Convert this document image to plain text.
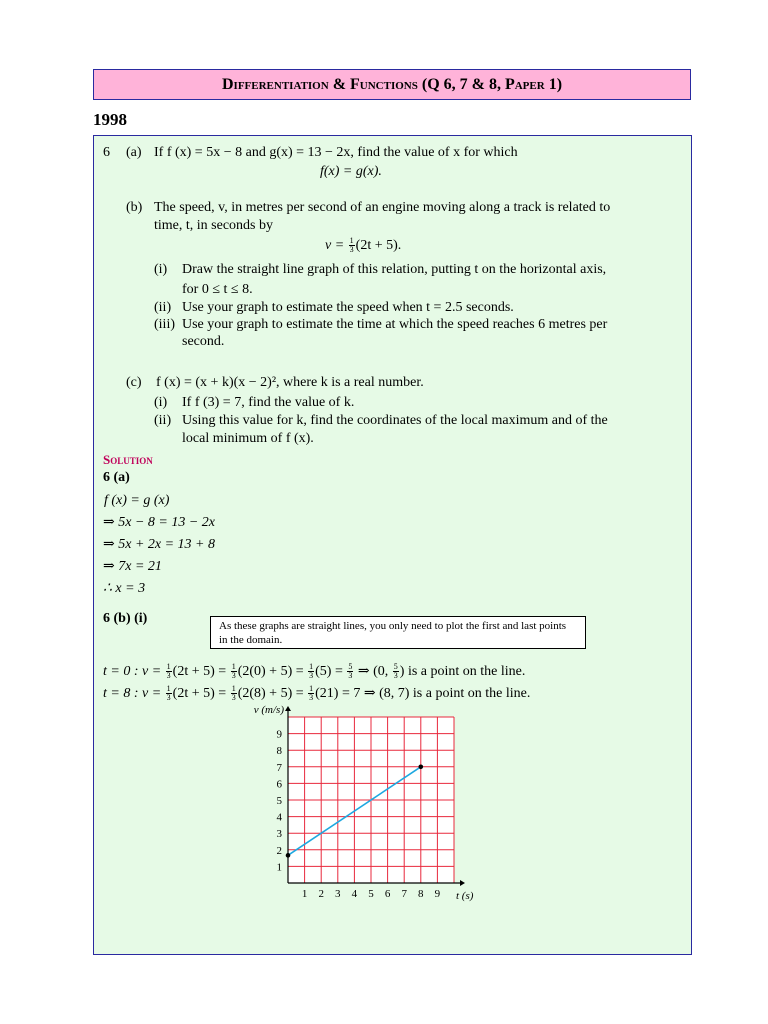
Differentiation & Functions (Q 6, 7 & 8, Paper 1)
1998
6 (a) If f (x) = 5x − 8 and g(x) = 13 − 2x, find the value of x for which
f(x) = g(x).
(b) The speed, v, in metres per second of an engine moving along a track is related to
time, t, in seconds by
$v = \frac{1}{3} (2t + 5)$.
(i) Draw the straight line graph of this relation, putting t on the horizontal axis,
for 0 ≤ t ≤ 8.
(ii) Use your graph to estimate the speed when t = 2.5 seconds.
(iii) Use your graph to estimate the time at which the speed reaches 6 metres per
second.
(c) f (x) = (x + k)(x − 2)², where k is a real number.
(i) If f (3) = 7, find the value of k.
(ii) Using this value for k, find the coordinates of the local maximum and of the
local minimum of f (x).
Solution
6 (a)
f (x) = g (x)
⇒ 5x − 8 = 13 − 2x
⇒ 5x + 2x = 13 + 8
⇒ 7x = 21
∴ x = 3
6 (b) (i)	As these graphs are straight lines, you only need to plot the first and last points in the domain.
t = 0 : $v = \frac{1}{3} (2t + 5) = \frac{1}{3} (2(0) + 5) = \frac{1}{3} (5) = \frac{5}{3}$ ⇒ (0, $\frac{5}{3}$ ) is a point on the line.
t = 8 : $v = \frac{1}{3} (2t + 5) = \frac{1}{3} (2(8) + 5) = \frac{1}{3} (21) = 7$ ⇒ (8, 7) is a point on the line.
1 2 3 4 5 6 7 8 9
1
2
3
4
5
6
7
8
9
t (s)
v (m/s)
